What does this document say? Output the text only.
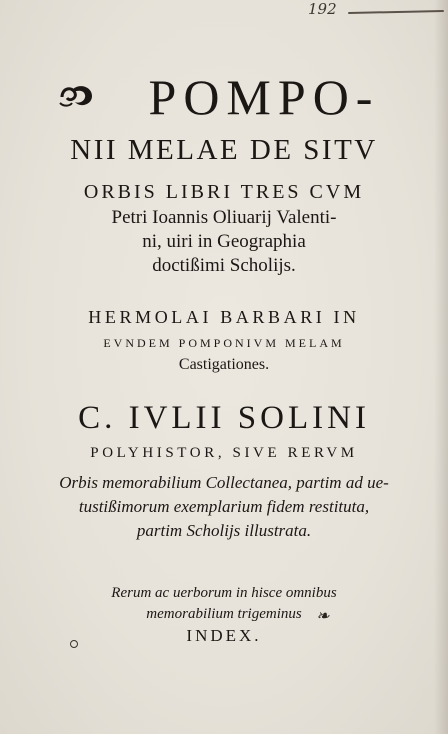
192
POMPO-
NII MELAE DE SITV
ORBIS LIBRI TRES CVM
Petri Ioannis Oliuarij Valenti-
ni, uiri in Geographia
doctißimi Scholijs.
HERMOLAI BARBARI IN
EVNDEM POMPONIVM MELAM
Castigationes.
C. IVLII SOLINI
POLYHISTOR, SIVE RERVM
Orbis memorabilium Collectanea, partim ad ue-
tustißimorum exemplarium fidem restituta,
partim Scholijs illustrata.
Rerum ac uerborum in hisce omnibus
memorabilium trigeminus
INDEX.
❧
